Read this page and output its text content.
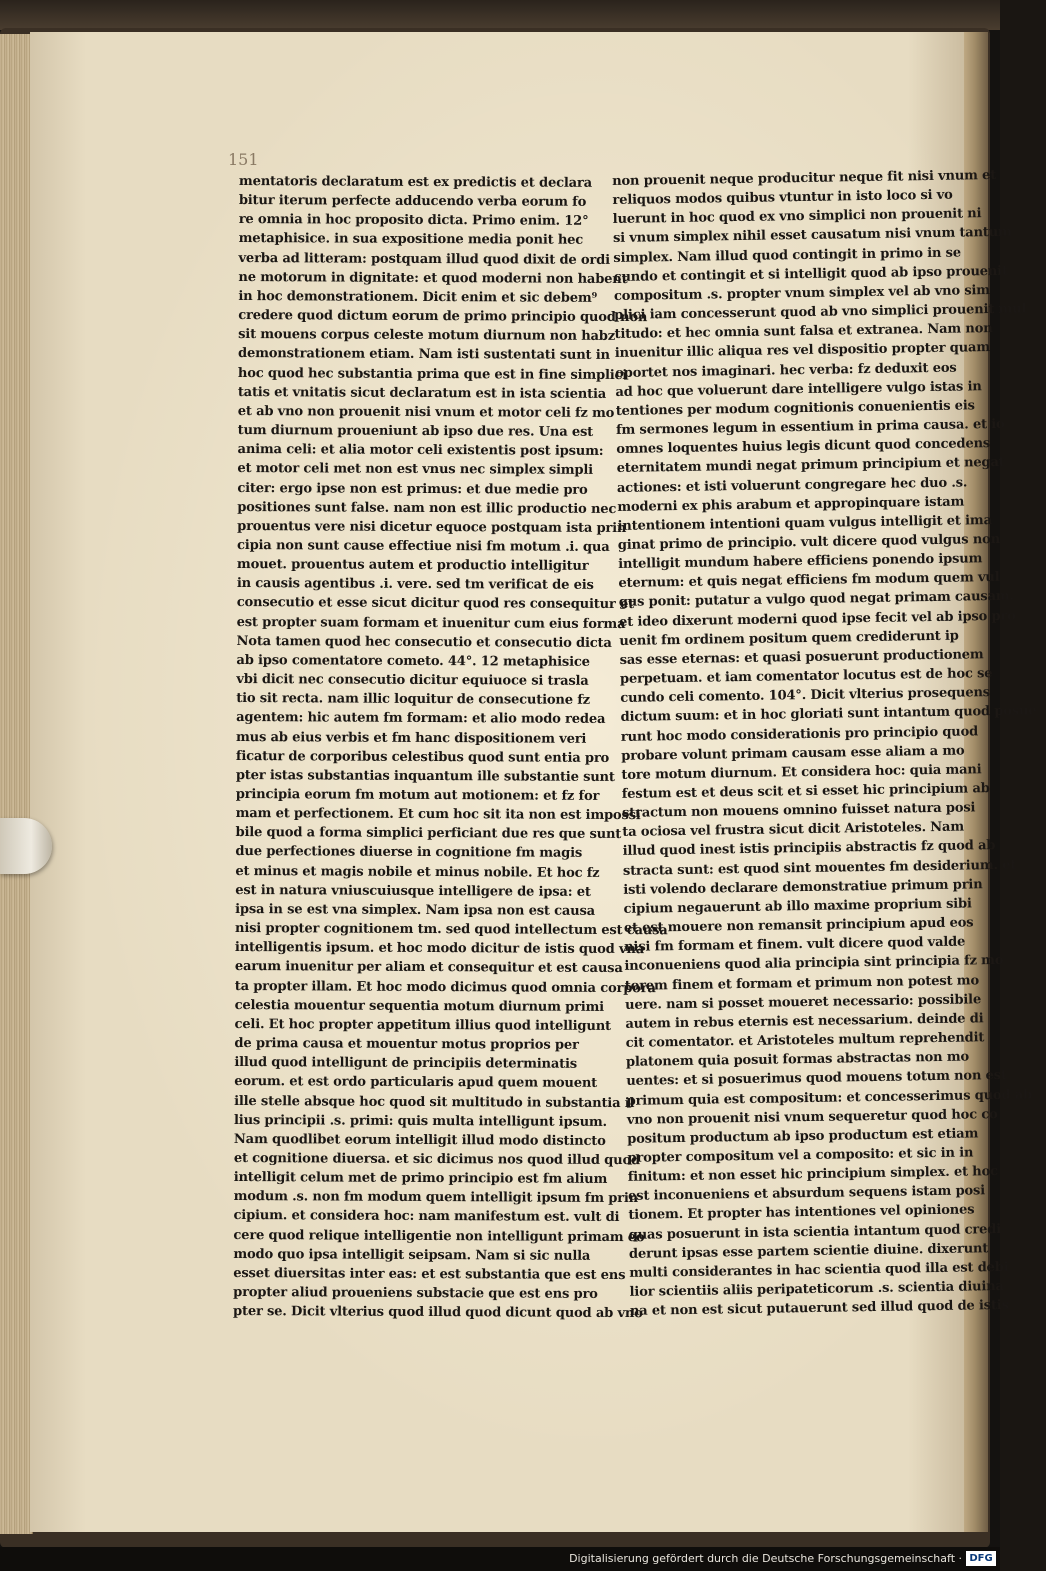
151

mentatoris declaratum est ex predictis et declara
bitur iterum perfecte adducendo verba eorum fo
re omnia in hoc proposito dicta. Primo enim. 12°
metaphisice. in sua expositione media ponit hec
verba ad litteram: postquam illud quod dixit de ordi
ne motorum in dignitate: et quod moderni non habent
in hoc demonstrationem. Dicit enim et sic debem⁹
credere quod dictum eorum de primo principio quod non
sit mouens corpus celeste motum diurnum non habz
demonstrationem etiam. Nam isti sustentati sunt in
hoc quod hec substantia prima que est in fine simplici
tatis et vnitatis sicut declaratum est in ista scientia
et ab vno non prouenit nisi vnum et motor celi fz mo
tum diurnum proueniunt ab ipso due res. Una est
anima celi: et alia motor celi existentis post ipsum:
et motor celi met non est vnus nec simplex simpli
citer: ergo ipse non est primus: et due medie pro
positiones sunt false. nam non est illic productio nec
prouentus vere nisi dicetur equoce postquam ista prin
cipia non sunt cause effectiue nisi fm motum .i. qua
mouet. prouentus autem et productio intelligitur
in causis agentibus .i. vere. sed tm verificat de eis
consecutio et esse sicut dicitur quod res consequitur et
est propter suam formam et inuenitur cum eius forma
Nota tamen quod hec consecutio et consecutio dicta
ab ipso comentatore cometo. 44°. 12 metaphisice
vbi dicit nec consecutio dicitur equiuoce si trasla
tio sit recta. nam illic loquitur de consecutione fz
agentem: hic autem fm formam: et alio modo redea
mus ab eius verbis et fm hanc dispositionem veri
ficatur de corporibus celestibus quod sunt entia pro
pter istas substantias inquantum ille substantie sunt
principia eorum fm motum aut motionem: et fz for
mam et perfectionem. Et cum hoc sit ita non est impossi
bile quod a forma simplici perficiant due res que sunt
due perfectiones diuerse in cognitione fm magis
et minus et magis nobile et minus nobile. Et hoc fz
est in natura vniuscuiusque intelligere de ipsa: et
ipsa in se est vna simplex. Nam ipsa non est causa
nisi propter cognitionem tm. sed quod intellectum est causa
intelligentis ipsum. et hoc modo dicitur de istis quod vna
earum inuenitur per aliam et consequitur et est causa
ta propter illam. Et hoc modo dicimus quod omnia corpora
celestia mouentur sequentia motum diurnum primi
celi. Et hoc propter appetitum illius quod intelligunt
de prima causa et mouentur motus proprios per
illud quod intelligunt de principiis determinatis
eorum. et est ordo particularis apud quem mouent
ille stelle absque hoc quod sit multitudo in substantia il
lius principii .s. primi: quis multa intelligunt ipsum.
Nam quodlibet eorum intelligit illud modo distincto
et cognitione diuersa. et sic dicimus nos quod illud quod
intelligit celum met de primo principio est fm alium
modum .s. non fm modum quem intelligit ipsum fm prin
cipium. et considera hoc: nam manifestum est. vult di
cere quod relique intelligentie non intelligunt primam eo
modo quo ipsa intelligit seipsam. Nam si sic nulla
esset diuersitas inter eas: et est substantia que est ens
propter aliud proueniens substacie que est ens pro
pter se. Dicit vlterius quod illud quod dicunt quod ab vno

non prouenit neque producitur neque fit nisi vnum et
reliquos modos quibus vtuntur in isto loco si vo
luerunt in hoc quod ex vno simplici non prouenit ni
si vnum simplex nihil esset causatum nisi vnum tantum
simplex. Nam illud quod contingit in primo in se
cundo et contingit et si intelligit quod ab ipso prouenit
compositum .s. propter vnum simplex vel ab vno sim
plici iam concesserunt quod ab vno simplici prouenit mul
titudo: et hec omnia sunt falsa et extranea. Nam non
inuenitur illic aliqua res vel dispositio propter quam
oportet nos imaginari. hec verba: fz deduxit eos
ad hoc que voluerunt dare intelligere vulgo istas in
tentiones per modum cognitionis conuenientis eis
fm sermones legum in essentium in prima causa. et io
omnes loquentes huius legis dicunt quod concedens
eternitatem mundi negat primum principium et negat
actiones: et isti voluerunt congregare hec duo .s.
moderni ex phis arabum et appropinquare istam
intentionem intentioni quam vulgus intelligit et ima
ginat primo de principio. vult dicere quod vulgus non
intelligit mundum habere efficiens ponendo ipsum
eternum: et quis negat efficiens fm modum quem vul
gus ponit: putatur a vulgo quod negat primam causam.
et ideo dixerunt moderni quod ipse fecit vel ab ipso pro
uenit fm ordinem positum quem crediderunt ip
sas esse eternas: et quasi posuerunt productionem
perpetuam. et iam comentator locutus est de hoc se
cundo celi comento. 104°. Dicit vlterius prosequens
dictum suum: et in hoc gloriati sunt intantum quod posue
runt hoc modo considerationis pro principio quod
probare volunt primam causam esse aliam a mo
tore motum diurnum. Et considera hoc: quia mani
festum est et deus scit et si esset hic principium ab
stractum non mouens omnino fuisset natura posi
ta ociosa vel frustra sicut dicit Aristoteles. Nam
illud quod inest istis principiis abstractis fz quod ab
stracta sunt: est quod sint mouentes fm desiderium. et
isti volendo declarare demonstratiue primum prin
cipium negauerunt ab illo maxime proprium sibi
et est mouere non remansit principium apud eos
nisi fm formam et finem. vult dicere quod valde
inconueniens quod alia principia sint principia fz mo
torem finem et formam et primum non potest mo
uere. nam si posset moueret necessario: possibile
autem in rebus eternis est necessarium. deinde di
cit comentator. et Aristoteles multum reprehendit
platonem quia posuit formas abstractas non mo
uentes: et si posuerimus quod mouens totum non est
primum quia est compositum: et concesserimus quod ab
vno non prouenit nisi vnum sequeretur quod hoc co
positum productum ab ipso productum est etiam
propter compositum vel a composito: et sic in in
finitum: et non esset hic principium simplex. et hoc
est inconueniens et absurdum sequens istam posi
tionem. Et propter has intentiones vel opiniones
quas posuerunt in ista scientia intantum quod credi
derunt ipsas esse partem scientie diuine. dixerunt
multi considerantes in hac scientia quod illa est debi
lior scientiis aliis peripateticorum .s. scientia diuina
na et non est sicut putauerunt sed illud quod de istis

Digitalisierung gefördert durch die Deutsche Forschungsgemeinschaft · DFG
